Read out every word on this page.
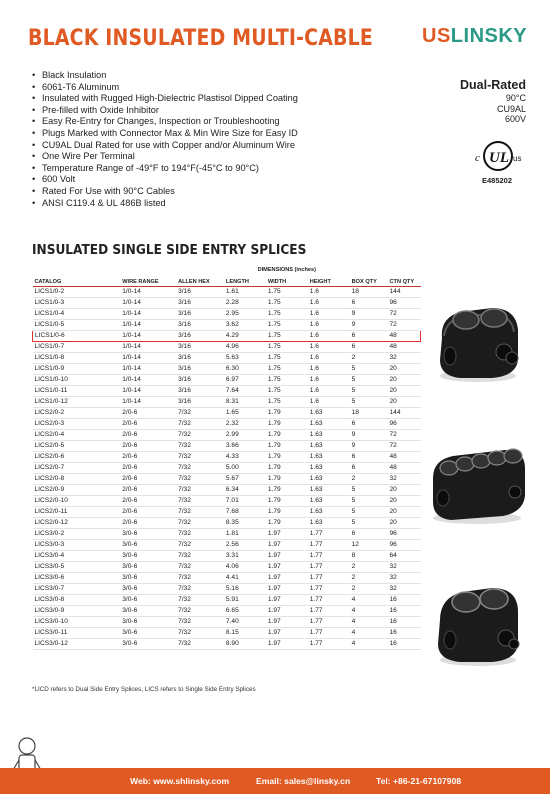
BLACK INSULATED MULTI-CABLE USLINSKY
• Black Insulation
• 6061-T6 Aluminum
• Insulated with Rugged High-Dielectric Plastisol Dipped Coating
• Pre-filled with Oxide Inhibitor
• Easy Re-Entry for Changes, Inspection or Troubleshooting
• Plugs Marked with Connector Max & Min Wire Size for Easy ID
• CU9AL Dual Rated for use with Copper and/or Aluminum Wire
• One Wire Per Terminal
• Temperature Range of -49°F to 194°F(-45°C to 90°C)
• 600 Volt
• Rated For Use with 90°C Cables
• ANSI C119.4 & UL 486B listed
Dual-Rated
90°C
CU9AL
600V
c UL us
E485202
INSULATED SINGLE SIDE ENTRY SPLICES
CATALOG	WIRE RANGE	ALLEN HEX	DIMENSIONS (inches)			BOX QTY	CTN QTY
			LENGTH	WIDTH	HEIGHT		
LICS1/0-2	1/0-14	3/16	1.61	1.75	1.6	18	144
LICS1/0-3	1/0-14	3/16	2.28	1.75	1.6	6	96
LICS1/0-4	1/0-14	3/16	2.95	1.75	1.6	9	72
LICS1/0-5	1/0-14	3/16	3.62	1.75	1.6	9	72
LICS1/0-6	1/0-14	3/16	4.29	1.75	1.6	6	48
LICS1/0-7	1/0-14	3/16	4.96	1.75	1.6	6	48
LICS1/0-8	1/0-14	3/16	5.63	1.75	1.6	2	32
LICS1/0-9	1/0-14	3/16	6.30	1.75	1.6	5	20
LICS1/0-10	1/0-14	3/16	6.97	1.75	1.6	5	20
LICS1/0-11	1/0-14	3/16	7.64	1.75	1.6	5	20
LICS1/0-12	1/0-14	3/16	8.31	1.75	1.6	5	20
LICS2/0-2	2/0-6	7/32	1.65	1.79	1.63	18	144
LICS2/0-3	2/0-6	7/32	2.32	1.79	1.63	6	96
LICS2/0-4	2/0-6	7/32	2.99	1.79	1.63	9	72
LICS2/0-5	2/0-6	7/32	3.66	1.79	1.63	9	72
LICS2/0-6	2/0-6	7/32	4.33	1.79	1.63	6	48
LICS2/0-7	2/0-6	7/32	5.00	1.79	1.63	6	48
LICS2/0-8	2/0-6	7/32	5.67	1.79	1.63	2	32
LICS2/0-9	2/0-6	7/32	6.34	1.79	1.63	5	20
LICS2/0-10	2/0-6	7/32	7.01	1.79	1.63	5	20
LICS2/0-11	2/0-6	7/32	7.68	1.79	1.63	5	20
LICS2/0-12	2/0-6	7/32	8.35	1.79	1.63	5	20
LICS3/0-2	3/0-6	7/32	1.81	1.97	1.77	6	96
LICS3/0-3	3/0-6	7/32	2.56	1.97	1.77	12	96
LICS3/0-4	3/0-6	7/32	3.31	1.97	1.77	8	64
LICS3/0-5	3/0-6	7/32	4.06	1.97	1.77	2	32
LICS3/0-6	3/0-6	7/32	4.41	1.97	1.77	2	32
LICS3/0-7	3/0-6	7/32	5.16	1.97	1.77	2	32
LICS3/0-8	3/0-6	7/32	5.91	1.97	1.77	4	16
LICS3/0-9	3/0-6	7/32	6.65	1.97	1.77	4	16
LICS3/0-10	3/0-6	7/32	7.40	1.97	1.77	4	16
LICS3/0-11	3/0-6	7/32	8.15	1.97	1.77	4	16
LICS3/0-12	3/0-6	7/32	8.90	1.97	1.77	4	16
*LICD refers to Dual Side Entry Splices, LICS refers to Single Side Entry Splices
Web: www.shlinsky.com	Email: sales@linsky.cn	Tel: +86-21-67107908
